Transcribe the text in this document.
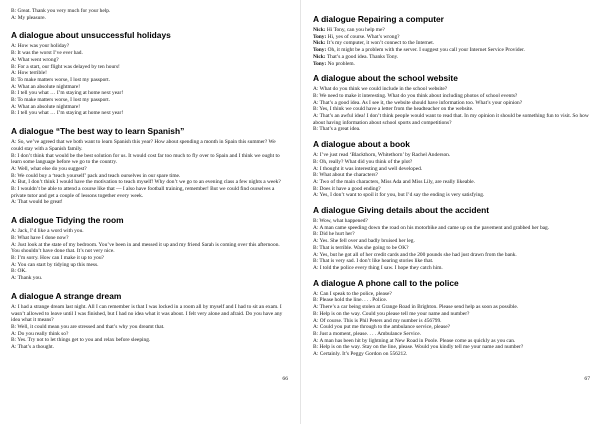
B: Great. Thank you very much for your help.

A: My pleasure.

A dialogue about unsuccessful holidays

A: How was your holiday?

B: It was the worst I’ve ever had.

A: What went wrong?

B: For a start, our flight was delayed by ten hours!

A: How terrible!

B: To make matters worse, I lost my passport.

A: What an absolute nightmare!

B: I tell you what … I’m staying at home next year!

B: To make matters worse, I lost my passport.

A: What an absolute nightmare!

B: I tell you what … I’m staying at home next year!

A dialogue “The best way to learn Spanish”

A: So, we’ve agreed that we both want to learn Spanish this year? How about spending a month in Spain this summer? We could stay with a Spanish family.

B: I don’t think that would be the best solution for us. It would cost far too much to fly over to Spain and I think we ought to learn some language before we go to the country.

A: Well, what else do you suggest?

B: We could buy a ‘teach yourself’ pack and teach ourselves in our spare time.

A: But, I don’t think I would have the motivation to teach myself! Why don’t we go to an evening class a few nights a week?

B: I wouldn’t be able to attend a course like that — I also have football training, remember! But we could find ourselves a private tutor and get a couple of lessons together every week.

A: That would be great!

A dialogue Tidying the room

A: Jack, I’d like a word with you.

B: What have I done now?

A: Just look at the state of my bedroom. You’ve been in and messed it up and my friend Sarah is coming over this afternoon. You shouldn’t have done that. It’s not very nice.

B: I’m sorry. How can I make it up to you?

A: You can start by tidying up this mess.

B: OK.

A: Thank you.

A dialogue A strange dream

A: I had a strange dream last night. All I can remember is that I was locked in a room all by myself and I had to sit an exam. I wasn’t allowed to leave until I was finished, but I had no idea what it was about. I felt very alone and afraid. Do you have any idea what it means?

B: Well, it could mean you are stressed and that’s why you dreamt that.

A: Do you really think so?

B: Yes. Try not to let things get to you and relax before sleeping.

A: That’s a thought.

66
A dialogue Repairing a computer

Nick: Hi Tony, can you help me?

Tony: Hi, yes of course. What’s wrong?

Nick: It’s my computer, it won’t connect to the Internet.

Tony: Oh, it might be a problem with the server. I suggest you call your Internet Service Provider.

Nick: That’s a good idea. Thanks Tony.

Tony: No problem.

A dialogue about the school website

A: What do you think we could include in the school website?

B: We need to make it interesting. What do you think about including photos of school events?

A: That’s a good idea. As I see it, the website should have information too. What’s your opinion?

B: Yes, I think we could have a letter from the headteacher on the website.

A: That’s an awful idea! I don’t think people would want to read that. In my opinion it should be something fun to visit. So how about having information about school sports and competitions?

B: That’s a great idea.

A dialogue about a book

A: I’ve just read ‘Blackthorn, Whitethorn’ by Rachel Anderson.

B: Oh, really? What did you think of the plot?

A: I thought it was interesting and well developed.

B: What about the characters?

A: Two of the main characters, Miss Ada and Miss Lily, are really likeable.

B: Does it have a good ending?

A: Yes, I don’t want to spoil it for you, but I’d say the ending is very satisfying.

A dialogue Giving details about the accident

B: Wow, what happened?

A: A man came speeding down the road on his motorbike and came up on the pavement and grabbed her bag.

B: Did he hurt her?

A: Yes. She fell over and badly bruised her leg.

B: That is terrible. Was she going to be OK?

A: Yes, but he got all of her credit cards and the 200 pounds she had just drawn from the bank.

B: That is very sad. I don’t like hearing stories like that.

A: I told the police every thing I saw. I hope they catch him.

A dialogue A phone call to the police

A: Can I speak to the police, please?

B: Please hold the line. . . . Police.

A: There’s a car being stolen at Grange Road in Brighton. Please send help as soon as possible.

B: Help is on the way. Could you please tell me your name and number?

A: Of course. This is Phil Peters and my number is 456799.

A: Could you put me through to the ambulance service, please?

B: Just a moment, please. . . . Ambulance Service.

A: A man has been hit by lightning at New Road in Poole. Please come as quickly as you can.

B: Help is on the way. Stay on the line, please. Would you kindly tell me your name and number?

A: Certainly. It’s Peggy Gordon on 556212.

67
